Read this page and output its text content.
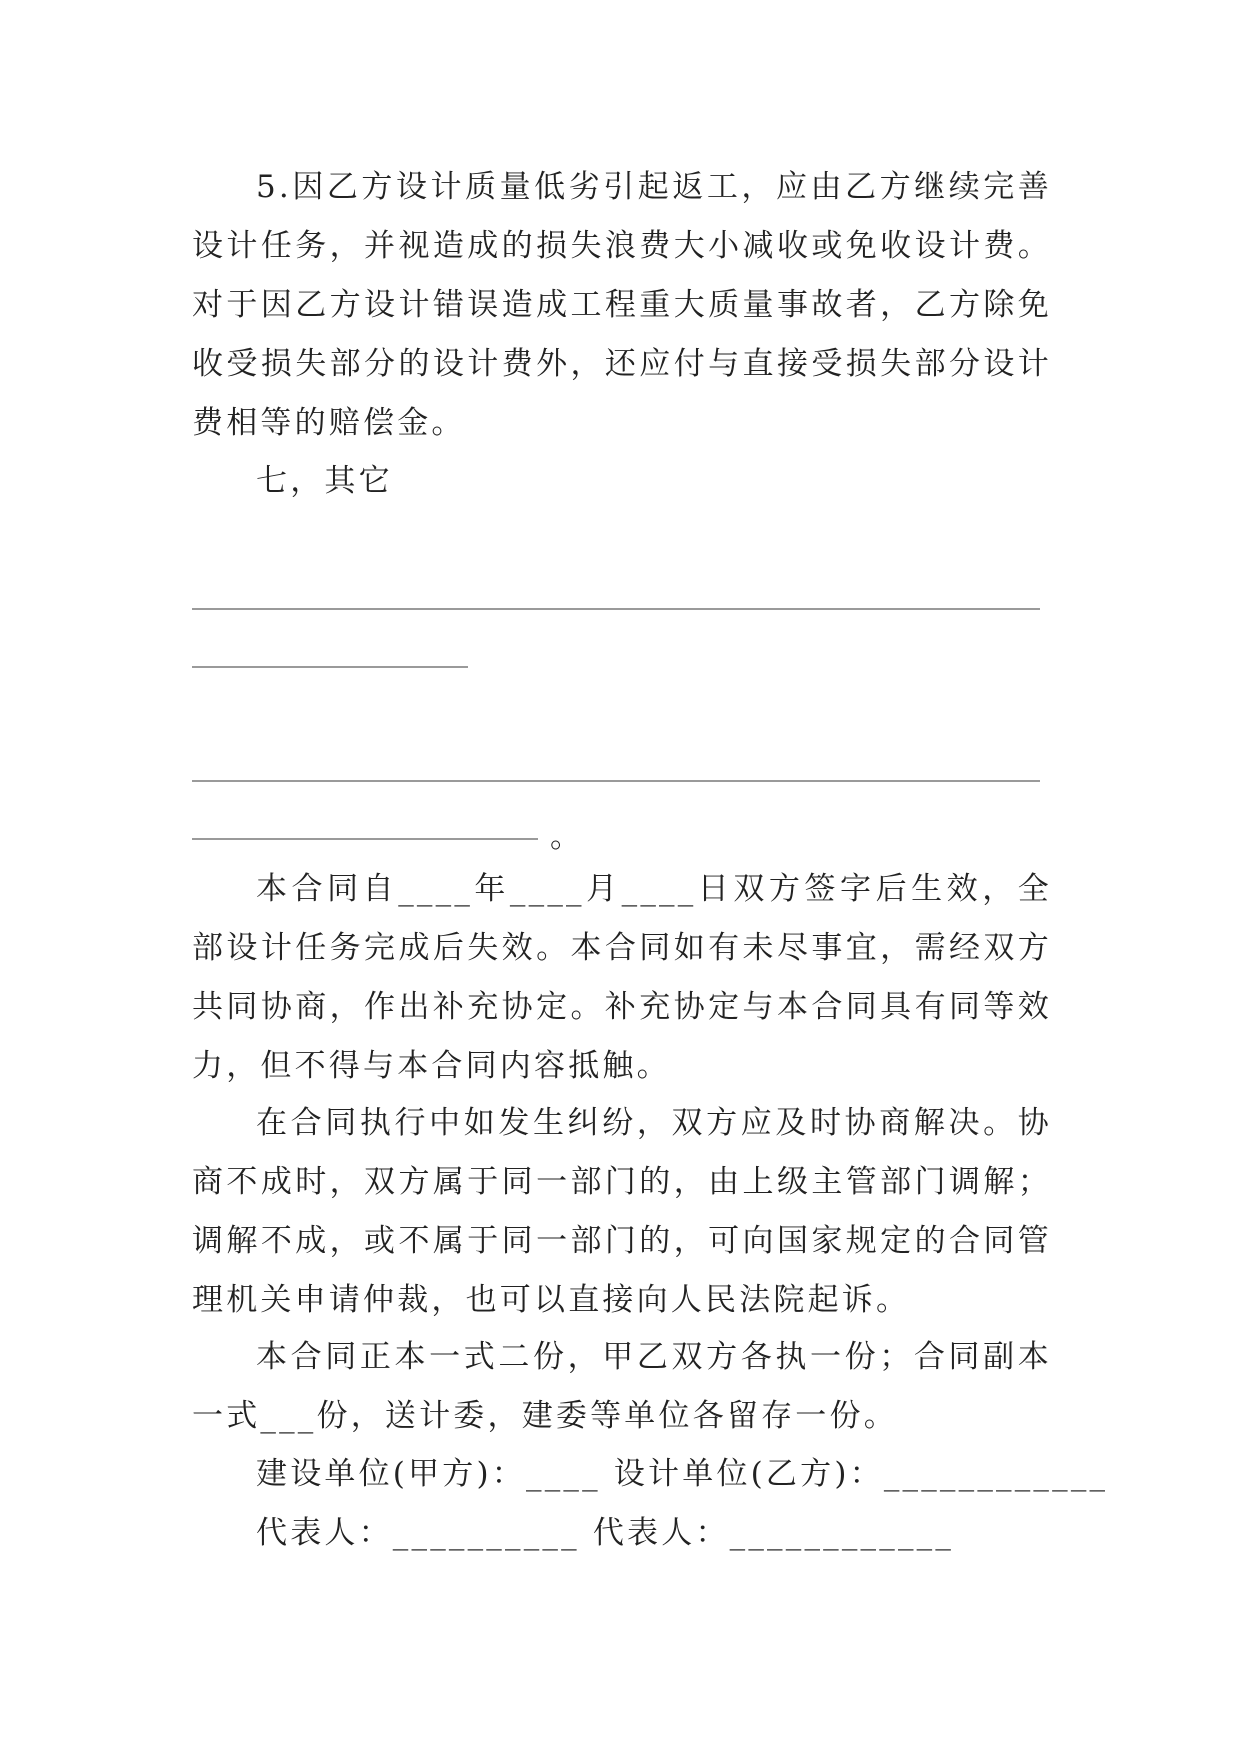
5.因乙方设计质量低劣引起返工，应由乙方继续完善设计任务，并视造成的损失浪费大小减收或免收设计费。对于因乙方设计错误造成工程重大质量事故者，乙方除免收受损失部分的设计费外，还应付与直接受损失部分设计费相等的赔偿金。

七，其它

。

本合同自____年____月____日双方签字后生效，全部设计任务完成后失效。本合同如有未尽事宜，需经双方共同协商，作出补充协定。补充协定与本合同具有同等效力，但不得与本合同内容抵触。

在合同执行中如发生纠纷，双方应及时协商解决。协商不成时，双方属于同一部门的，由上级主管部门调解；调解不成，或不属于同一部门的，可向国家规定的合同管理机关申请仲裁，也可以直接向人民法院起诉。

本合同正本一式二份，甲乙双方各执一份；合同副本一式___份，送计委，建委等单位各留存一份。

建设单位(甲方)：____ 设计单位(乙方)：____________
代表人：__________ 代表人：____________
